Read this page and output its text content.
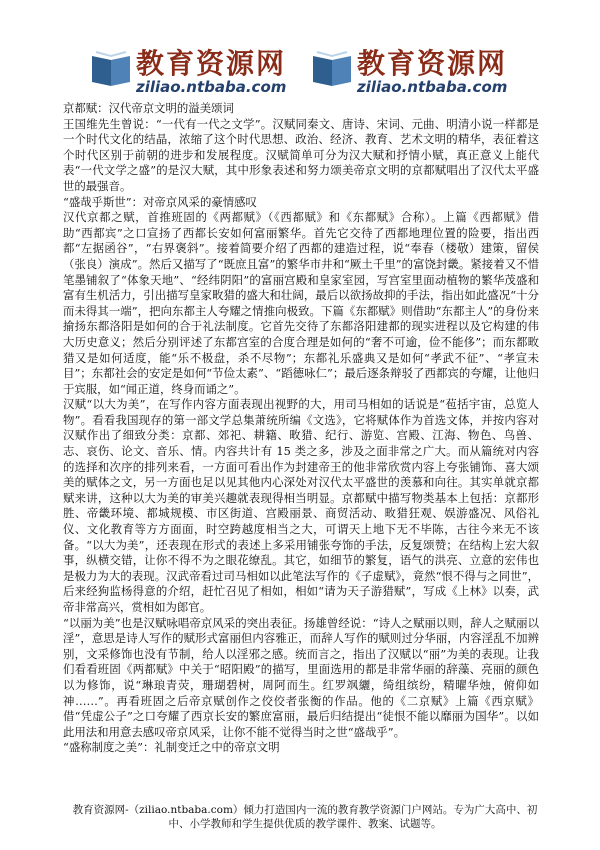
教育资源网
ziliao.ntbaba.com
教育资源网
ziliao.ntbaba.com

京都赋：汉代帝京文明的溢美颂词

王国维先生曾说：“一代有一代之文学”。汉赋同秦文、唐诗、宋词、元曲、明清小说一样都是一个时代文化的结晶，浓缩了这个时代思想、政治、经济、教育、艺术文明的精华，表征着这个时代区别于前朝的进步和发展程度。汉赋简单可分为汉大赋和抒情小赋，真正意义上能代表“一代文学之盛”的是汉大赋，其中形象表述和努力颂美帝京文明的京都赋唱出了汉代太平盛世的最强音。

“盛哉乎斯世”：对帝京风采的豪情感叹

汉代京都之赋，首推班固的《两都赋》（《西都赋》和《东都赋》合称）。上篇《西都赋》借助“西都宾”之口宣扬了西都长安如何富丽繁华。首先它交待了西都地理位置的险要，指出西都“左据函谷”，“右界褒斜”。接着简要介绍了西都的建造过程，说“奉春（楼敬）建策，留侯（张良）演成”。然后又描写了“既庶且富”的繁华市井和“厥土千里”的富饶封畿。紧接着又不惜笔墨铺叙了“体象天地”、“经纬阴阳”的富丽宫殿和皇家室园，写宫室里面动植物的繁华茂盛和富有生机活力，引出描写皇家畋猎的盛大和壮阔，最后以欲扬故抑的手法，指出如此盛况“十分而未得其一端”，把向东都主人夸耀之情推向极致。下篇《东都赋》则借助“东都主人”的身份来揄扬东都洛阳是如何的合于礼法制度。它首先交待了东都洛阳建都的现实进程以及它构建的伟大历史意义；然后分别评述了东都宫室的合度合理是如何的“奢不可逾，俭不能侈”；而东都畋猎又是如何适度，能“乐不极盘，杀不尽物”；东都礼乐盛典又是如何“孝武不征”、“孝宣未目”；东都社会的安定是如何“节俭太素”、“蹈德咏仁”；最后逐条辩驳了西都宾的夸耀，让他归于宾服，如“闻正道，终身而诵之”。

汉赋“以大为美”，在写作内容方面表现出视野的大，用司马相如的话说是“苞括宇宙，总览人物”。看看我国现存的第一部文学总集萧统所编《文选》，它将赋体作为首选文体，并按内容对汉赋作出了细致分类：京都、郊祀、耕籍、畋猎、纪行、游览、宫殿、江海、物色、鸟兽、志、哀伤、论文、音乐、情。内容共计有 15 类之多，涉及之面非常之广大。而从篇统对内容的选择和次序的排列来看，一方面可看出作为封建帝王的他非常欣赏内容上夸张铺饰、喜大颂美的赋体之文，另一方面也足以见其他内心深处对汉代太平盛世的羡慕和向往。其实单就京都赋来讲，这种以大为美的审美兴趣就表现得相当明显。京都赋中描写物类基本上包括：京都形胜、帝畿环境、都城规模、市区街道、宫殿丽景、商贸活动、畋猎狂观、娱游盛况、风俗礼仪、文化教育等方方面面，时空跨越度相当之大，可谓天上地下无不毕陈，古往今来无不该备。“以大为美”，还表现在形式的表述上多采用铺张夸饰的手法，反复颂赞；在结构上宏大叙事，纵横交错，让你不得不为之眼花缭乱。其它，如细节的繁复，语气的洪亮、立意的宏伟也是极力为大的表现。汉武帝看过司马相如以此笔法写作的《子虚赋》，竟然“恨不得与之同世”，后来经狗监杨得意的介绍，赶忙召见了相如，相如“请为天子游猎赋”，写成《上林》以奏，武帝非常高兴，赏相如为郎官。

“以丽为美”也是汉赋咏唱帝京风采的突出表征。扬雄曾经说：“诗人之赋丽以则，辞人之赋丽以淫”，意思是诗人写作的赋形式富丽但内容雅正，而辞人写作的赋则过分华丽，内容淫乱不加辨别，文采修饰也没有节制，给人以淫邪之感。统而言之，指出了汉赋以“丽”为美的表现。让我们看看班固《两都赋》中关于“昭阳殿”的描写，里面选用的都是非常华丽的辞藻、亮丽的颜色以为修饰，说“琳琅青荧，珊瑚碧树，周阿而生。红罗飒纚，绮组缤纷，精曜华烛，俯仰如神……”。再看班固之后帝京赋创作之佼佼者张衡的作品。他的《二京赋》上篇《西京赋》借“凭虚公子”之口夸耀了西京长安的繁庶富丽，最后归结提出“徒恨不能以靡丽为国华”。以如此用法和用意去感叹帝京风采，让你不能不觉得当时之世“盛哉乎”。

“盛称制度之美”：礼制变迁之中的帝京文明

教育资源网-（ziliao.ntbaba.com）倾力打造国内一流的教育教学资源门户网站。专为广大高中、初中、小学教师和学生提供优质的教学课件、教案、试题等。
